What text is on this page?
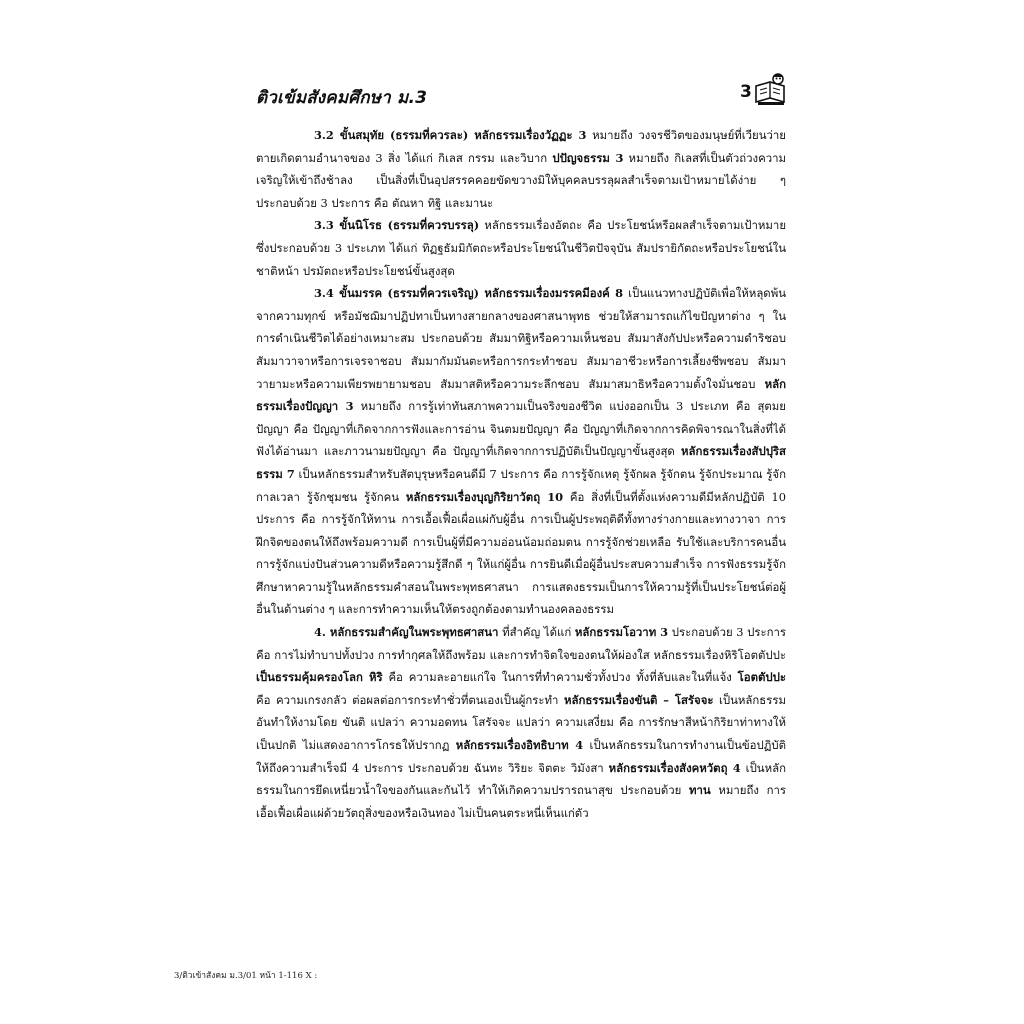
ติวเข้มสังคมศึกษา ม.3	3

3.2 ขั้นสมุทัย (ธรรมที่ควรละ) หลักธรรมเรื่องวัฏฏะ 3 หมายถึง วงจรชีวิตของมนุษย์ที่เวียนว่ายตายเกิดตามอำนาจของ 3 สิ่ง ได้แก่ กิเลส กรรม และวิบาก ปปัญจธรรม 3 หมายถึง กิเลสที่เป็นตัวถ่วงความเจริญให้เข้าถึงช้าลง เป็นสิ่งที่เป็นอุปสรรคคอยขัดขวางมิให้บุคคลบรรลุผลสำเร็จตามเป้าหมายได้ง่าย ๆ ประกอบด้วย 3 ประการ คือ ตัณหา ทิฐิ และมานะ

3.3 ขั้นนิโรธ (ธรรมที่ควรบรรลุ) หลักธรรมเรื่องอัตถะ คือ ประโยชน์หรือผลสำเร็จตามเป้าหมาย ซึ่งประกอบด้วย 3 ประเภท ได้แก่ ทิฏฐธัมมิกัตถะหรือประโยชน์ในชีวิตปัจจุบัน สัมปรายิกัตถะหรือประโยชน์ในชาติหน้า ปรมัตถะหรือประโยชน์ขั้นสูงสุด

3.4 ขั้นมรรค (ธรรมที่ควรเจริญ) หลักธรรมเรื่องมรรคมีองค์ 8 เป็นแนวทางปฏิบัติเพื่อให้หลุดพ้นจากความทุกข์ หรือมัชฌิมาปฏิปทาเป็นทางสายกลางของศาสนาพุทธ ช่วยให้สามารถแก้ไขปัญหาต่าง ๆ ในการดำเนินชีวิตได้อย่างเหมาะสม ประกอบด้วย สัมมาทิฐิหรือความเห็นชอบ สัมมาสังกัปปะหรือความดำริชอบ สัมมาวาจาหรือการเจรจาชอบ สัมมากัมมันตะหรือการกระทำชอบ สัมมาอาชีวะหรือการเลี้ยงชีพชอบ สัมมาวายามะหรือความเพียรพยายามชอบ สัมมาสติหรือความระลึกชอบ สัมมาสมาธิหรือความตั้งใจมั่นชอบ หลักธรรมเรื่องปัญญา 3 หมายถึง การรู้เท่าทันสภาพความเป็นจริงของชีวิต แบ่งออกเป็น 3 ประเภท คือ สุตมยปัญญา คือ ปัญญาที่เกิดจากการฟังและการอ่าน จินตมยปัญญา คือ ปัญญาที่เกิดจากการคิดพิจารณาในสิ่งที่ได้ฟังได้อ่านมา และภาวนามยปัญญา คือ ปัญญาที่เกิดจากการปฏิบัติเป็นปัญญาขั้นสูงสุด หลักธรรมเรื่องสัปปุริสธรรม 7 เป็นหลักธรรมสำหรับสัตบุรุษหรือคนดีมี 7 ประการ คือ การรู้จักเหตุ รู้จักผล รู้จักตน รู้จักประมาณ รู้จักกาลเวลา รู้จักชุมชน รู้จักคน หลักธรรมเรื่องบุญกิริยาวัตถุ 10 คือ สิ่งที่เป็นที่ตั้งแห่งความดีมีหลักปฏิบัติ 10 ประการ คือ การรู้จักให้ทาน การเอื้อเฟื้อเผื่อแผ่กับผู้อื่น การเป็นผู้ประพฤติดีทั้งทางร่างกายและทางวาจา การฝึกจิตของตนให้ถึงพร้อมความดี การเป็นผู้ที่มีความอ่อนน้อมถ่อมตน การรู้จักช่วยเหลือ รับใช้และบริการคนอื่น การรู้จักแบ่งปันส่วนความดีหรือความรู้สึกดี ๆ ให้แก่ผู้อื่น การยินดีเมื่อผู้อื่นประสบความสำเร็จ การฟังธรรมรู้จักศึกษาหาความรู้ในหลักธรรมคำสอนในพระพุทธศาสนา การแสดงธรรมเป็นการให้ความรู้ที่เป็นประโยชน์ต่อผู้อื่นในด้านต่าง ๆ และการทำความเห็นให้ตรงถูกต้องตามทำนองคลองธรรม

4. หลักธรรมสำคัญในพระพุทธศาสนา ที่สำคัญ ได้แก่ หลักธรรมโอวาท 3 ประกอบด้วย 3 ประการ คือ การไม่ทำบาปทั้งปวง การทำกุศลให้ถึงพร้อม และการทำจิตใจของตนให้ผ่องใส หลักธรรมเรื่องหิริโอตตัปปะเป็นธรรมคุ้มครองโลก หิริ คือ ความละอายแก่ใจ ในการที่ทำความชั่วทั้งปวง ทั้งที่ลับและในที่แจ้ง โอตตัปปะ คือ ความเกรงกลัว ต่อผลต่อการกระทำชั่วที่ตนเองเป็นผู้กระทำ หลักธรรมเรื่องขันติ – โสรัจจะ เป็นหลักธรรมอันทำให้งามโดย ขันติ แปลว่า ความอดทน โสรัจจะ แปลว่า ความเสงี่ยม คือ การรักษาสีหน้ากิริยาท่าทางให้เป็นปกติ ไม่แสดงอาการโกรธให้ปรากฏ หลักธรรมเรื่องอิทธิบาท 4 เป็นหลักธรรมในการทำงานเป็นข้อปฏิบัติให้ถึงความสำเร็จมี 4 ประการ ประกอบด้วย ฉันทะ วิริยะ จิตตะ วิมังสา หลักธรรมเรื่องสังคหวัตถุ 4 เป็นหลักธรรมในการยึดเหนี่ยวน้ำใจของกันและกันไว้ ทำให้เกิดความปรารถนาสุข ประกอบด้วย ทาน หมายถึง การเอื้อเฟื้อเผื่อแผ่ด้วยวัตถุสิ่งของหรือเงินทอง ไม่เป็นคนตระหนี่เห็นแก่ตัว

3/ติวเข้าสังคม ม.3/01 หน้า 1-116 X :
